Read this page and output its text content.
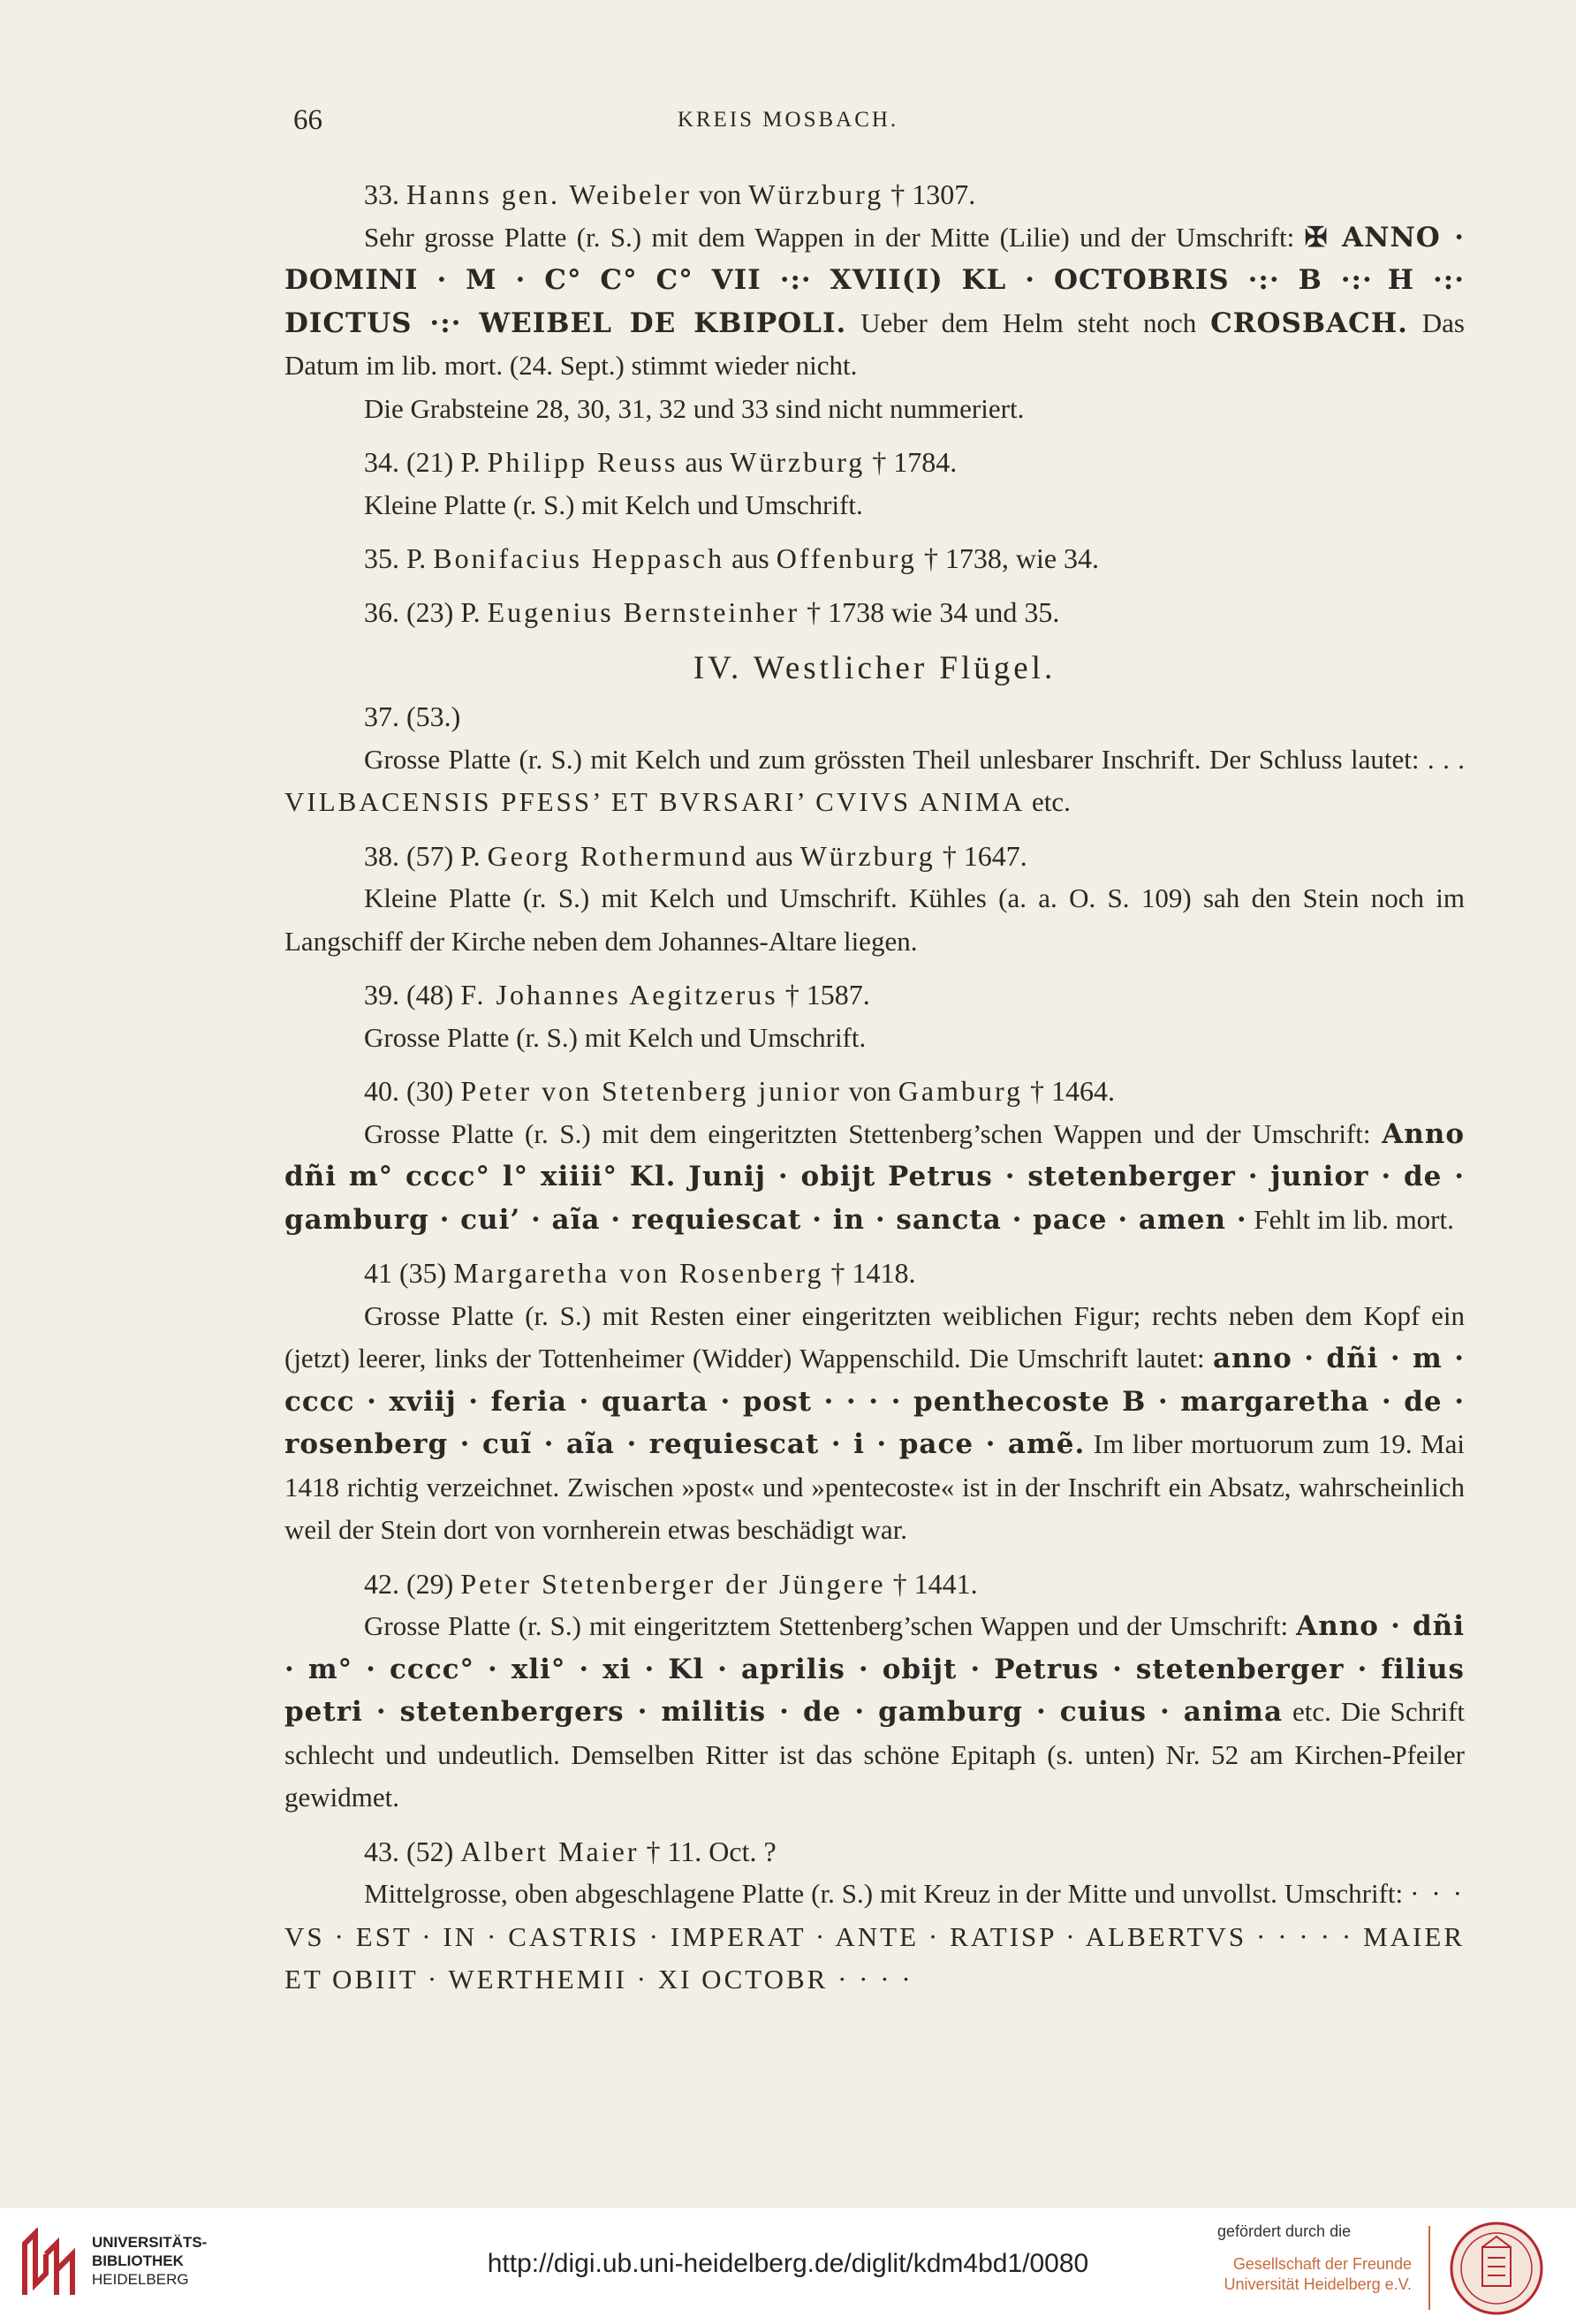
66	KREIS MOSBACH.

33. Hanns gen. Weibeler von Würzburg † 1307.

Sehr grosse Platte (r. S.) mit dem Wappen in der Mitte (Lilie) und der Umschrift: ✠ ANNO · DOMINI · M · C° C° C° VII ·:· XVII(I) KL · OCTOBRIS ·:· B ·:· H ·:· DICTUS ·:· WEIBEL DE KBIPOLI. Ueber dem Helm steht noch CROSBACH. Das Datum im lib. mort. (24. Sept.) stimmt wieder nicht.

Die Grabsteine 28, 30, 31, 32 und 33 sind nicht nummeriert.

34. (21) P. Philipp Reuss aus Würzburg † 1784.

Kleine Platte (r. S.) mit Kelch und Umschrift.

35. P. Bonifacius Heppasch aus Offenburg † 1738, wie 34.

36. (23) P. Eugenius Bernsteinher † 1738 wie 34 und 35.

IV. Westlicher Flügel.

37. (53.)

Grosse Platte (r. S.) mit Kelch und zum grössten Theil unlesbarer Inschrift. Der Schluss lautet: . . . VILBACENSIS PFESS’ ET BVRSARI’ CVIVS ANIMA etc.

38. (57) P. Georg Rothermund aus Würzburg † 1647.

Kleine Platte (r. S.) mit Kelch und Umschrift. Kühles (a. a. O. S. 109) sah den Stein noch im Langschiff der Kirche neben dem Johannes-Altare liegen.

39. (48) F. Johannes Aegitzerus † 1587.

Grosse Platte (r. S.) mit Kelch und Umschrift.

40. (30) Peter von Stetenberg junior von Gamburg † 1464.

Grosse Platte (r. S.) mit dem eingeritzten Stettenberg’schen Wappen und der Umschrift: Anno dñi m° cccc° l° xiiii° Kl. Junij · obijt Petrus · stetenberger · junior · de · gamburg · cui’ · aĩa · requiescat · in · sancta · pace · amen · Fehlt im lib. mort.

41 (35) Margaretha von Rosenberg † 1418.

Grosse Platte (r. S.) mit Resten einer eingeritzten weiblichen Figur; rechts neben dem Kopf ein (jetzt) leerer, links der Tottenheimer (Widder) Wappenschild. Die Umschrift lautet: anno · dñi · m · cccc · xviij · feria · quarta · post · · · · penthecoste B · margaretha · de · rosenberg · cuĩ · aĩa · requiescat · i · pace · amẽ. Im liber mortuorum zum 19. Mai 1418 richtig verzeichnet. Zwischen »post« und »pentecoste« ist in der Inschrift ein Absatz, wahrscheinlich weil der Stein dort von vornherein etwas beschädigt war.

42. (29) Peter Stetenberger der Jüngere † 1441.

Grosse Platte (r. S.) mit eingeritztem Stettenberg’schen Wappen und der Umschrift: Anno · dñi · m° · cccc° · xli° · xi · Kl · aprilis · obijt · Petrus · stetenberger · filius petri · stetenbergers · militis · de · gamburg · cuius · anima etc. Die Schrift schlecht und undeutlich. Demselben Ritter ist das schöne Epitaph (s. unten) Nr. 52 am Kirchen-Pfeiler gewidmet.

43. (52) Albert Maier † 11. Oct. ?

Mittelgrosse, oben abgeschlagene Platte (r. S.) mit Kreuz in der Mitte und unvollst. Umschrift: · · · VS · EST · IN · CASTRIS · IMPERAT · ANTE · RATISP · ALBERTVS · · · · · MAIER ET OBIIT · WERTHEMII · XI OCTOBR · · · ·

UNIVERSITÄTS-
BIBLIOTHEK
HEIDELBERG
http://digi.ub.uni-heidelberg.de/diglit/kdm4bd1/0080
gefördert durch die
Gesellschaft der Freunde
Universität Heidelberg e.V.
